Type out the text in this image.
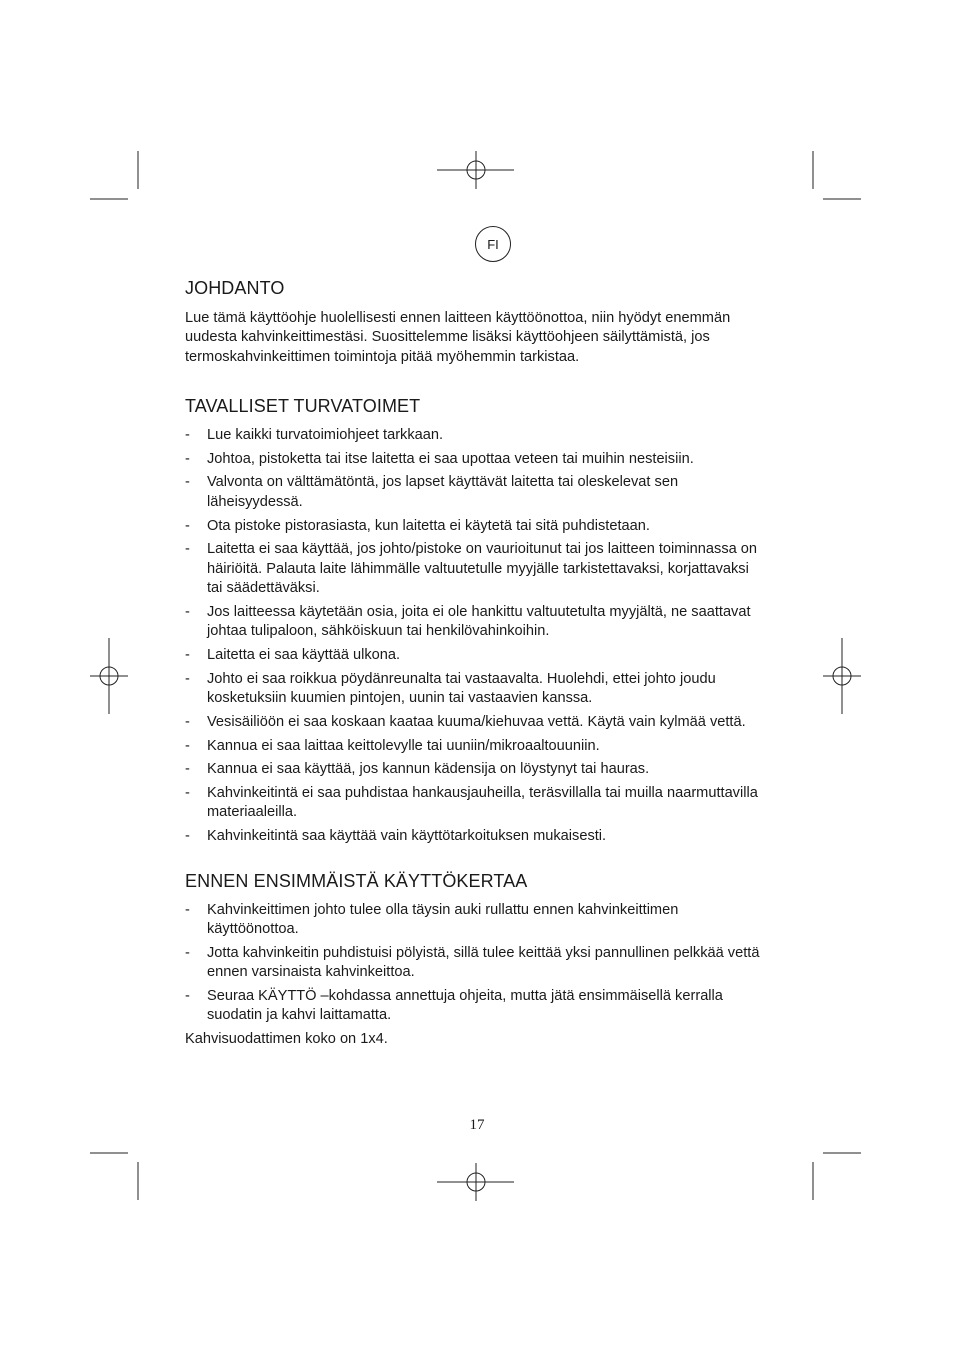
FI
JOHDANTO

Lue tämä käyttöohje huolellisesti ennen laitteen käyttöönottoa, niin hyödyt enemmän uudesta kahvinkeittimestäsi. Suosittelemme lisäksi käyttöohjeen säilyttämistä, jos termoskahvinkeittimen toimintoja pitää myöhemmin tarkistaa.

TAVALLISET TURVATOIMET
- Lue kaikki turvatoimiohjeet tarkkaan.
- Johtoa, pistoketta tai itse laitetta ei saa upottaa veteen tai muihin nesteisiin.
- Valvonta on välttämätöntä, jos lapset käyttävät laitetta tai oleskelevat sen läheisyydessä.
- Ota pistoke pistorasiasta, kun laitetta ei käytetä tai sitä puhdistetaan.
- Laitetta ei saa käyttää, jos johto/pistoke on vaurioitunut tai jos laitteen toiminnassa on häiriöitä. Palauta laite lähimmälle valtuutetulle myyjälle tarkistettavaksi, korjattavaksi tai säädettäväksi.
- Jos laitteessa käytetään osia, joita ei ole hankittu valtuutetulta myyjältä, ne saattavat johtaa tulipaloon, sähköiskuun tai henkilövahinkoihin.
- Laitetta ei saa käyttää ulkona.
- Johto ei saa roikkua pöydänreunalta tai vastaavalta. Huolehdi, ettei johto joudu kosketuksiin kuumien pintojen, uunin tai vastaavien kanssa.
- Vesisäiliöön ei saa koskaan kaataa kuuma/kiehuvaa vettä. Käytä vain kylmää vettä.
- Kannua ei saa laittaa keittolevylle tai uuniin/mikroaaltouuniin.
- Kannua ei saa käyttää, jos kannun kädensija on löystynyt tai hauras.
- Kahvinkeitintä ei saa puhdistaa hankausjauheilla, teräsvillalla tai muilla naarmuttavilla materiaaleilla.
- Kahvinkeitintä saa käyttää vain käyttötarkoituksen mukaisesti.
ENNEN ENSIMMÄISTÄ KÄYTTÖKERTAA
- Kahvinkeittimen johto tulee olla täysin auki rullattu ennen kahvinkeittimen käyttöönottoa.
- Jotta kahvinkeitin puhdistuisi pölyistä, sillä tulee keittää yksi pannullinen pelkkää vettä ennen varsinaista kahvinkeittoa.
- Seuraa KÄYTTÖ –kohdassa annettuja ohjeita, mutta jätä ensimmäisellä kerralla suodatin ja kahvi laittamatta.

Kahvisuodattimen koko on 1x4.

17
